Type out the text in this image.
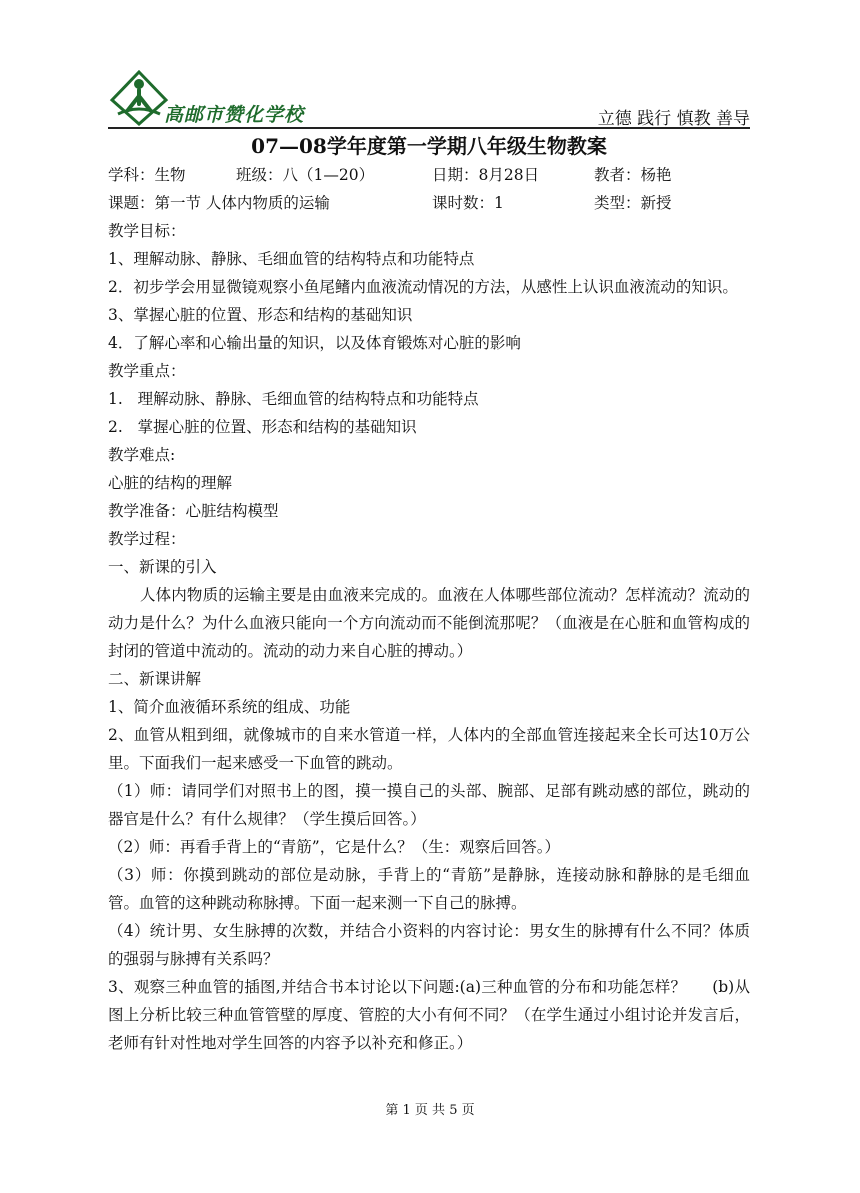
高邮市赞化学校	立德 践行 慎教 善导
07—08学年度第一学期八年级生物教案
学科：生物	班级：八（1—20）	日期：8月28日	教者：杨艳
课题：第一节 人体内物质的运输	课时数：1	类型：新授
教学目标：
1、理解动脉、静脉、毛细血管的结构特点和功能特点
2．初步学会用显微镜观察小鱼尾鳍内血液流动情况的方法，从感性上认识血液流动的知识。
3、掌握心脏的位置、形态和结构的基础知识
4．了解心率和心输出量的知识，以及体育锻炼对心脏的影响
教学重点：
1.   理解动脉、静脉、毛细血管的结构特点和功能特点
2.   掌握心脏的位置、形态和结构的基础知识
教学难点:
心脏的结构的理解
教学准备：心脏结构模型
教学过程：
一、新课的引入
人体内物质的运输主要是由血液来完成的。血液在人体哪些部位流动？怎样流动？流动的动力是什么？为什么血液只能向一个方向流动而不能倒流那呢？（血液是在心脏和血管构成的封闭的管道中流动的。流动的动力来自心脏的搏动。）
二、新课讲解
1、简介血液循环系统的组成、功能
2、血管从粗到细，就像城市的自来水管道一样，人体内的全部血管连接起来全长可达10万公里。下面我们一起来感受一下血管的跳动。
（1）师：请同学们对照书上的图，摸一摸自己的头部、腕部、足部有跳动感的部位，跳动的器官是什么？有什么规律？（学生摸后回答。）
（2）师：再看手背上的“青筋”，它是什么？（生：观察后回答。）
（3）师：你摸到跳动的部位是动脉，手背上的“青筋”是静脉，连接动脉和静脉的是毛细血管。血管的这种跳动称脉搏。下面一起来测一下自己的脉搏。
（4）统计男、女生脉搏的次数，并结合小资料的内容讨论：男女生的脉搏有什么不同？体质的强弱与脉搏有关系吗？
3、观察三种血管的插图,并结合书本讨论以下问题:(a)三种血管的分布和功能怎样？     (b)从图上分析比较三种血管管壁的厚度、管腔的大小有何不同？（在学生通过小组讨论并发言后，老师有针对性地对学生回答的内容予以补充和修正。）
第 1 页 共 5 页
